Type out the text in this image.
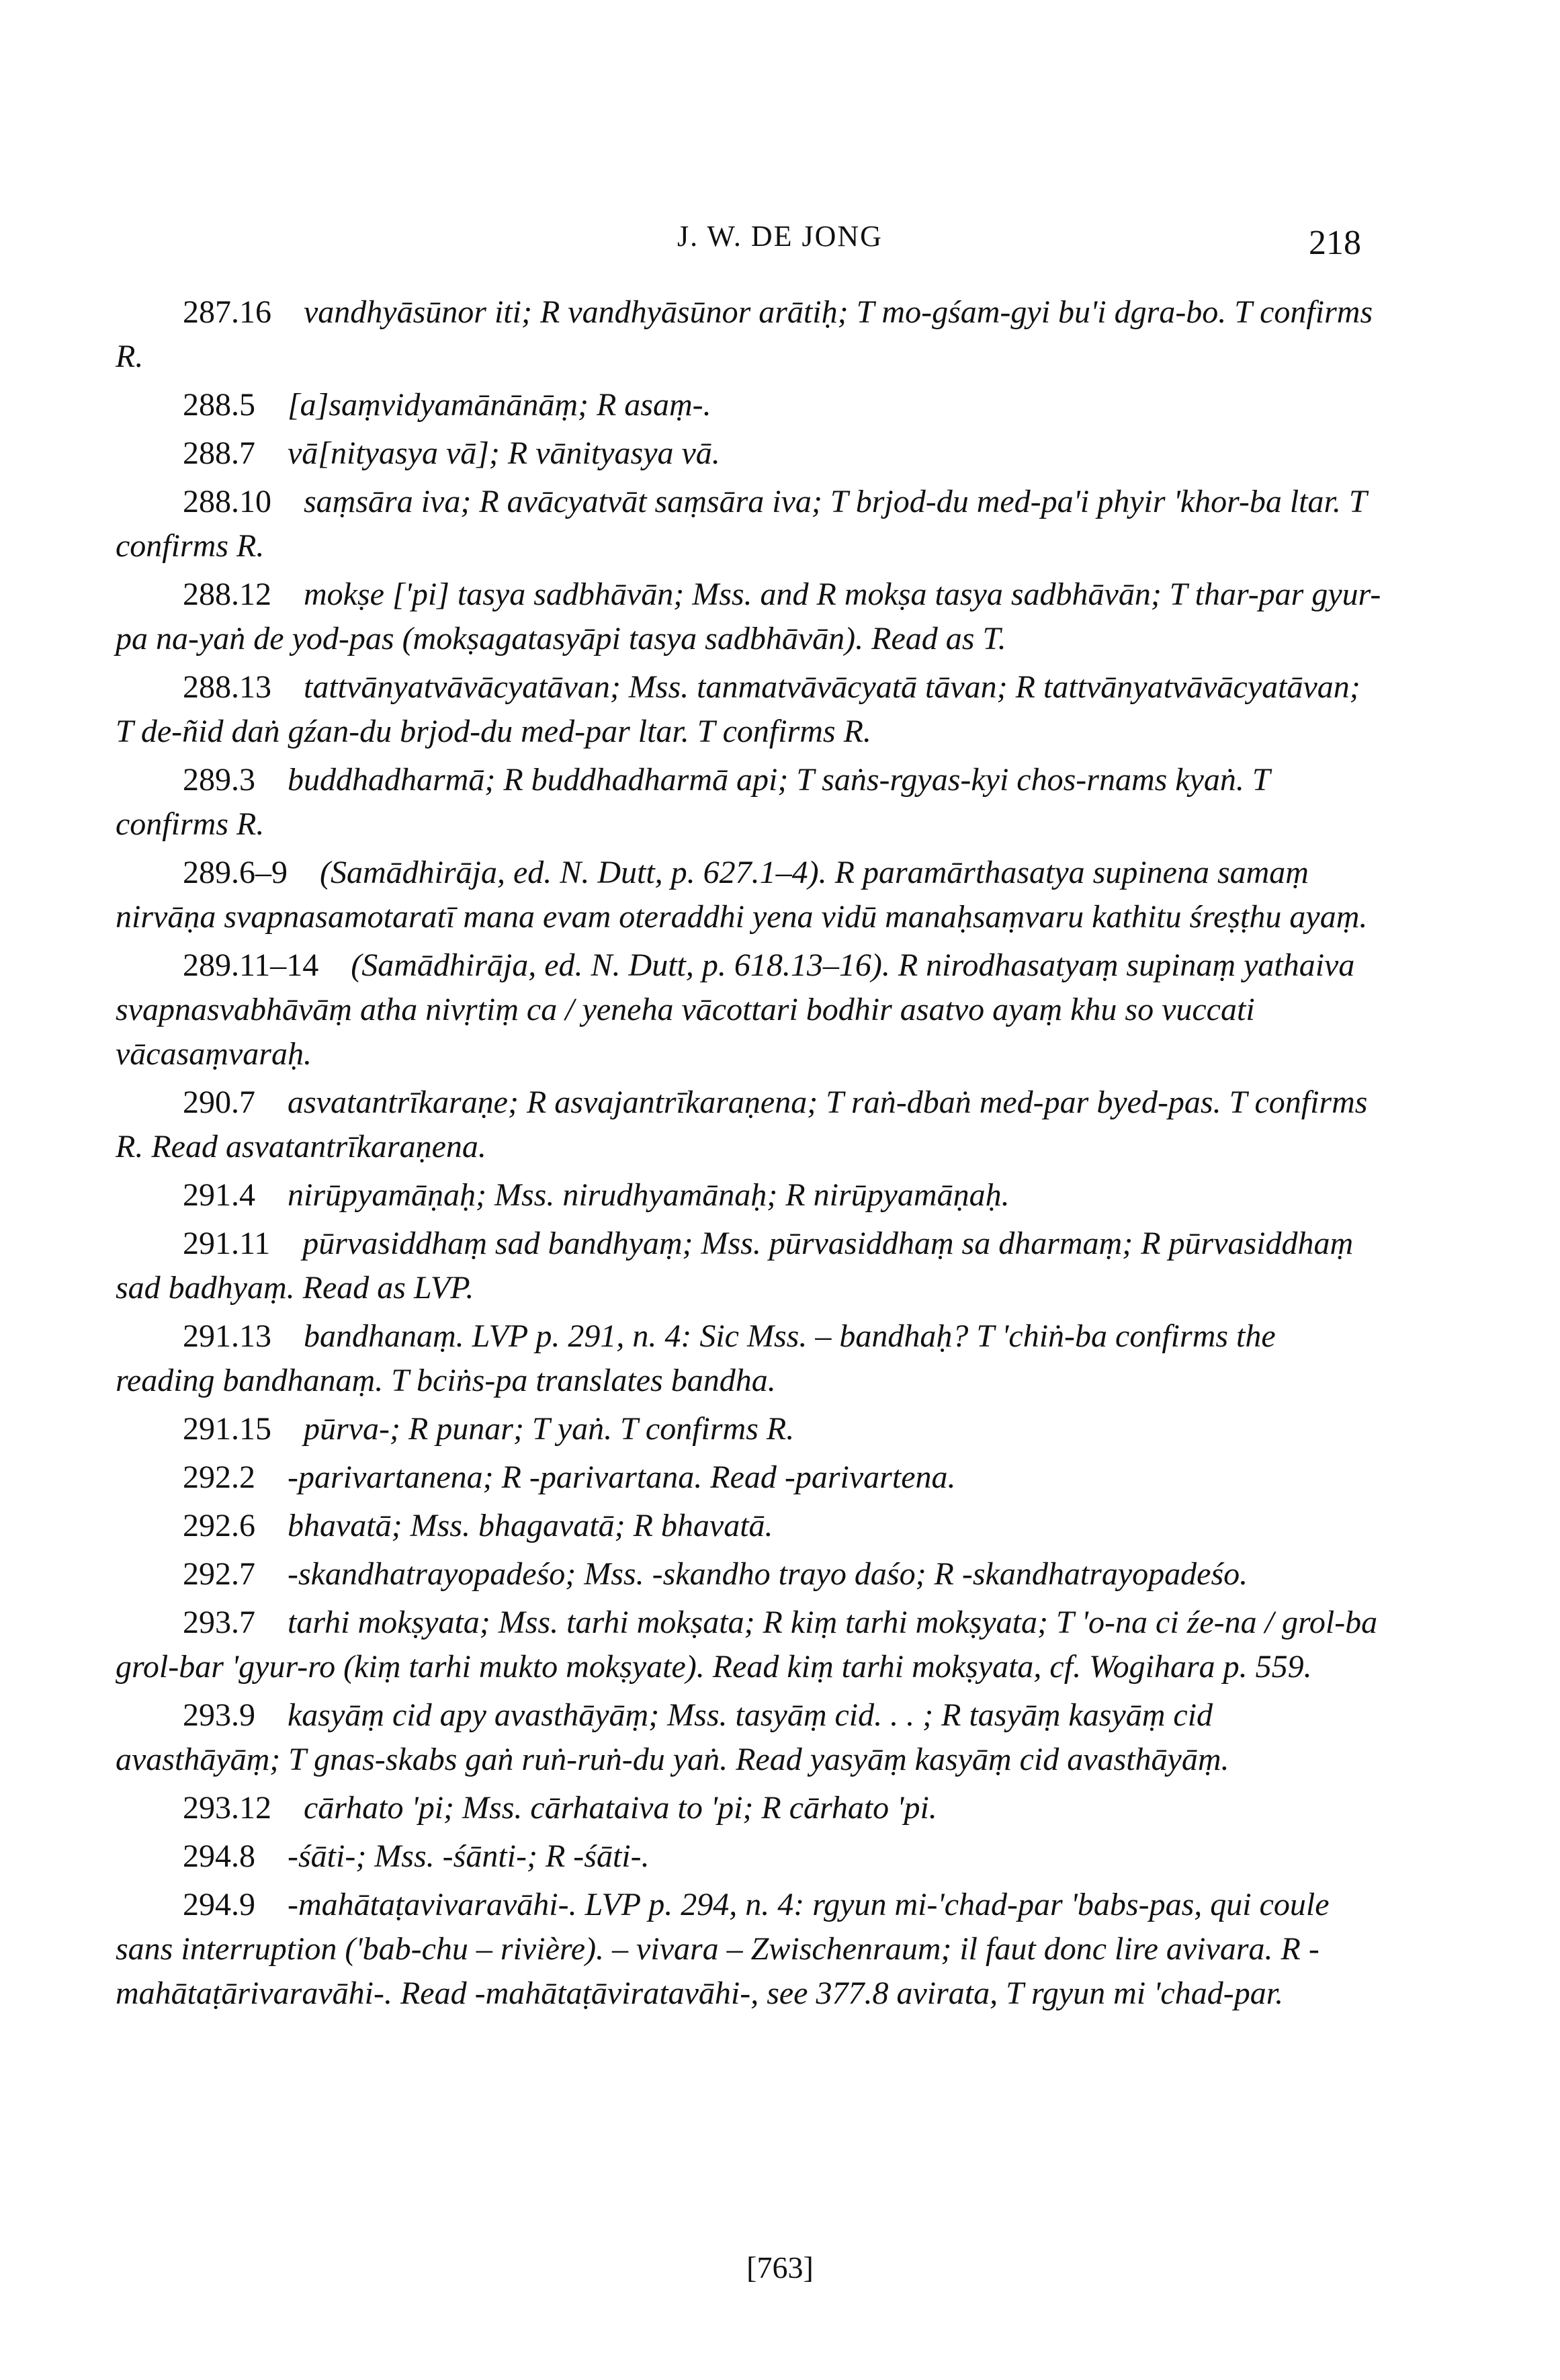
J. W. DE JONG	218
287.16  vandhyāsūnor iti; R vandhyāsūnor arātiḥ; T mo-gśam-gyi bu'i dgra-bo. T confirms R.
288.5  [a]saṃvidyamānānāṃ; R asaṃ-.
288.7  vā[nityasya vā]; R vānityasya vā.
288.10  saṃsāra iva; R avācyatvāt saṃsāra iva; T brjod-du med-pa'i phyir 'khor-ba ltar. T confirms R.
288.12  mokṣe ['pi] tasya sadbhāvān; Mss. and R mokṣa tasya sadbhāvān; T thar-par gyur-pa na-yaṅ de yod-pas (mokṣagatasyāpi tasya sadbhāvān). Read as T.
288.13  tattvānyatvāvācyatāvan; Mss. tanmatvāvācyatā tāvan; R tattvānyatvāvācyatāvan; T de-ñid daṅ gźan-du brjod-du med-par ltar. T confirms R.
289.3  buddhadharmā; R buddhadharmā api; T saṅs-rgyas-kyi chos-rnams kyaṅ. T confirms R.
289.6–9  (Samādhirāja, ed. N. Dutt, p. 627.1–4). R paramārthasatya supinena samaṃ nirvāṇa svapnasamotaratī mana evam oteraddhi yena vidū manaḥsaṃvaru kathitu śreṣṭhu ayaṃ.
289.11–14  (Samādhirāja, ed. N. Dutt, p. 618.13–16). R nirodhasatyaṃ supinaṃ yathaiva svapnasvabhāvāṃ atha nivṛtiṃ ca / yeneha vācottari bodhir asatvo ayaṃ khu so vuccati vācasaṃvaraḥ.
290.7  asvatantrīkaraṇe; R asvajantrīkaraṇena; T raṅ-dbaṅ med-par byed-pas. T confirms R. Read asvatantrīkaraṇena.
291.4  nirūpyamāṇaḥ; Mss. nirudhyamānaḥ; R nirūpyamāṇaḥ.
291.11  pūrvasiddhaṃ sad bandhyaṃ; Mss. pūrvasiddhaṃ sa dharmaṃ; R pūrvasiddhaṃ sad badhyaṃ. Read as LVP.
291.13  bandhanaṃ. LVP p. 291, n. 4: Sic Mss. – bandhaḥ? T 'chiṅ-ba confirms the reading bandhanaṃ. T bciṅs-pa translates bandha.
291.15  pūrva-; R punar; T yaṅ. T confirms R.
292.2  -parivartanena; R -parivartana. Read -parivartena.
292.6  bhavatā; Mss. bhagavatā; R bhavatā.
292.7  -skandhatrayopadeśo; Mss. -skandho trayo daśo; R -skandhatrayopadeśo.
293.7  tarhi mokṣyata; Mss. tarhi mokṣata; R kiṃ tarhi mokṣyata; T 'o-na ci źe-na / grol-ba grol-bar 'gyur-ro (kiṃ tarhi mukto mokṣyate). Read kiṃ tarhi mokṣyata, cf. Wogihara p. 559.
293.9  kasyāṃ cid apy avasthāyāṃ; Mss. tasyāṃ cid. . . ; R tasyāṃ kasyāṃ cid avasthāyāṃ; T gnas-skabs gaṅ ruṅ-ruṅ-du yaṅ. Read yasyāṃ kasyāṃ cid avasthāyāṃ.
293.12  cārhato 'pi; Mss. cārhataiva to 'pi; R cārhato 'pi.
294.8  -śāti-; Mss. -śānti-; R -śāti-.
294.9  -mahātaṭavivaravāhi-. LVP p. 294, n. 4: rgyun mi-'chad-par 'babs-pas, qui coule sans interruption ('bab-chu – rivière). – vivara – Zwischenraum; il faut donc lire avivara. R -mahātaṭārivaravāhi-. Read -mahātaṭāviratavāhi-, see 377.8 avirata, T rgyun mi 'chad-par.
[763]
